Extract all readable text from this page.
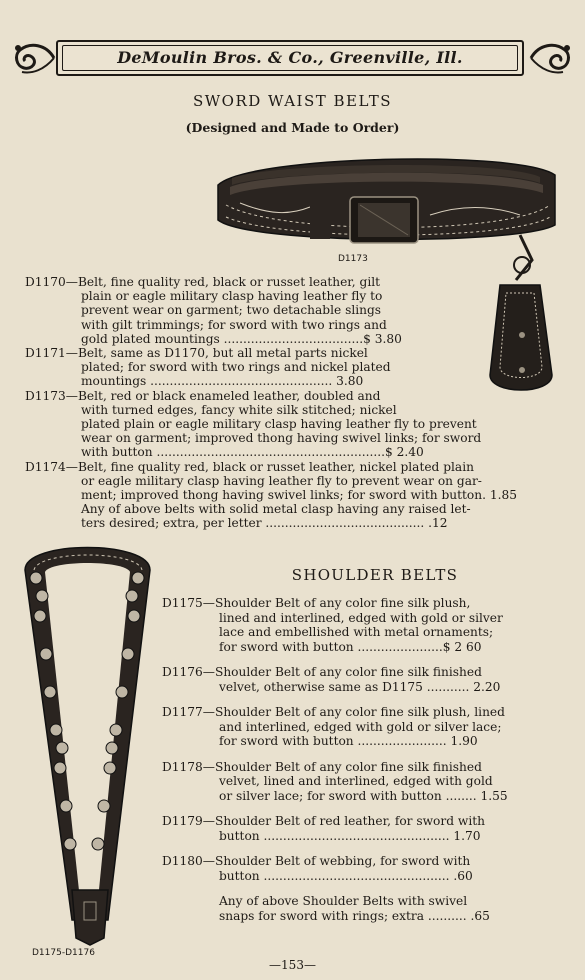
DeMoulin Bros. & Co., Greenville, Ill.
SWORD WAIST BELTS
(Designed and Made to Order)
D1173
D1170—Belt, fine quality red, black or russet leather, gilt
plain or eagle military clasp having leather fly to
prevent wear on garment; two detachable slings
with gilt trimmings; for sword with two rings and
gold plated mountings ....................................$ 3.80
D1171—Belt, same as D1170, but all metal parts nickel
plated; for sword with two rings and nickel plated
mountings ............................................... 3.80
D1173—Belt, red or black enameled leather, doubled and
with turned edges, fancy white silk stitched; nickel
plated plain or eagle military clasp having leather fly to prevent
wear on garment; improved thong having swivel links; for sword
with button ...........................................................$ 2.40
D1174—Belt, fine quality red, black or russet leather, nickel plated plain
or eagle military clasp having leather fly to prevent wear on gar-
ment; improved thong having swivel links; for sword with button. 1.85
Any of above belts with solid metal clasp having any raised let-
ters desired; extra, per letter ......................................... .12
D1175-D1176
SHOULDER BELTS
D1175—Shoulder Belt of any color fine silk plush,
lined and interlined, edged with gold or silver
lace and embellished with metal ornaments;
for sword with button ......................$ 2 60
D1176—Shoulder Belt of any color fine silk finished
velvet, otherwise same as D1175 ........... 2.20
D1177—Shoulder Belt of any color fine silk plush, lined
and interlined, edged with gold or silver lace;
for sword with button ....................... 1.90
D1178—Shoulder Belt of any color fine silk finished
velvet, lined and interlined, edged with gold
or silver lace; for sword with button ........ 1.55
D1179—Shoulder Belt of red leather, for sword with
button ................................................ 1.70
D1180—Shoulder Belt of webbing, for sword with
button ................................................ .60
Any of above Shoulder Belts with swivel
snaps for sword with rings; extra .......... .65
—153—
